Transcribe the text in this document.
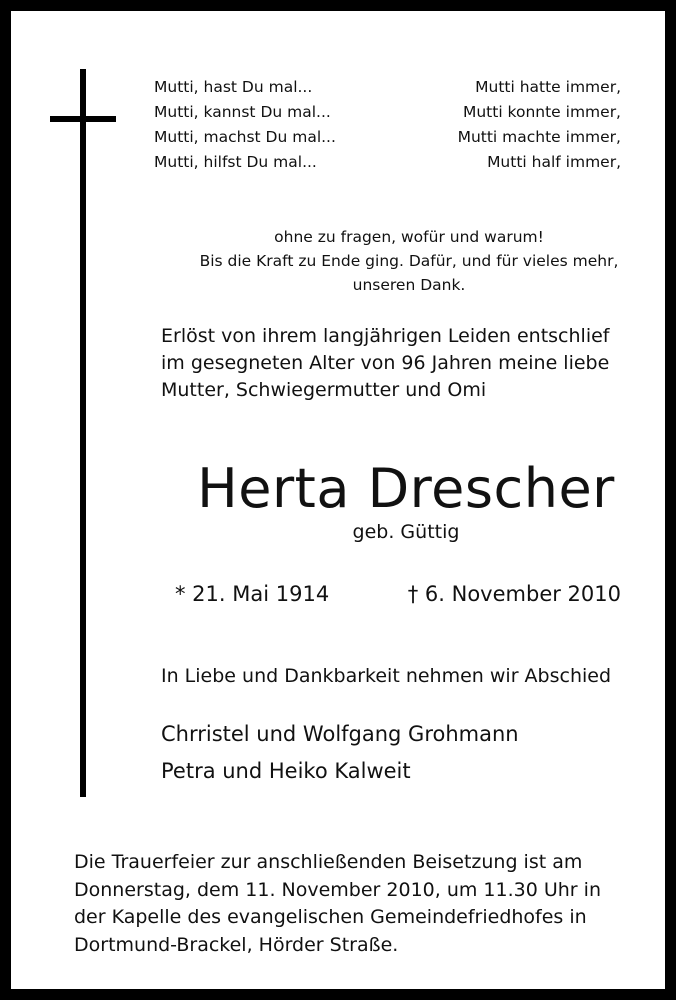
Mutti, hast Du mal...
Mutti, kannst Du mal...
Mutti, machst Du mal...
Mutti, hilfst Du mal...
Mutti hatte immer,
Mutti konnte immer,
Mutti machte immer,
Mutti half immer,
ohne zu fragen, wofür und warum!
Bis die Kraft zu Ende ging. Dafür, und für vieles mehr,
unseren Dank.
Erlöst von ihrem langjährigen Leiden entschlief
im gesegneten Alter von 96 Jahren meine liebe
Mutter, Schwiegermutter und Omi
Herta Drescher
geb. Güttig
* 21. Mai 1914	† 6. November 2010
In Liebe und Dankbarkeit nehmen wir Abschied
Chrristel und Wolfgang Grohmann
Petra und Heiko Kalweit
Die Trauerfeier zur anschließenden Beisetzung ist am
Donnerstag, dem 11. November 2010, um 11.30 Uhr in
der Kapelle des evangelischen Gemeindefriedhofes in
Dortmund-Brackel, Hörder Straße.
